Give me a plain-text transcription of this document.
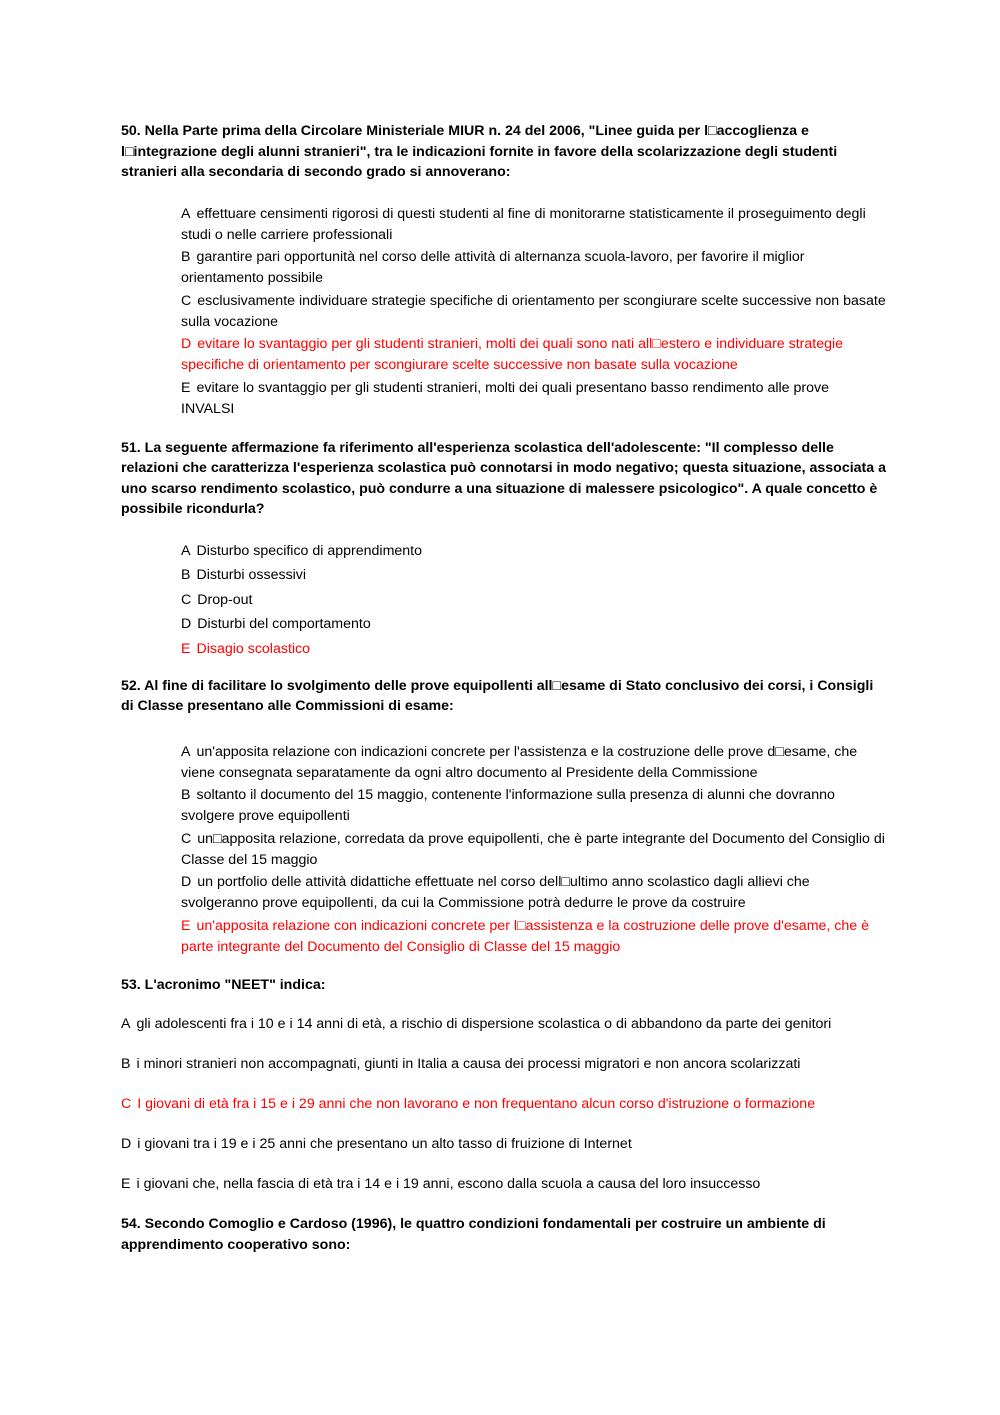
50. Nella Parte prima della Circolare Ministeriale MIUR n. 24 del 2006, "Linee guida per l□accoglienza e l□integrazione degli alunni stranieri", tra le indicazioni fornite in favore della scolarizzazione degli studenti stranieri alla secondaria di secondo grado si annoverano:

A effettuare censimenti rigorosi di questi studenti al fine di monitorarne statisticamente il proseguimento degli studi o nelle carriere professionali
B garantire pari opportunità nel corso delle attività di alternanza scuola-lavoro, per favorire il miglior orientamento possibile
C esclusivamente individuare strategie specifiche di orientamento per scongiurare scelte successive non basate sulla vocazione
D evitare lo svantaggio per gli studenti stranieri, molti dei quali sono nati all□estero e individuare strategie specifiche di orientamento per scongiurare scelte successive non basate sulla vocazione
E evitare lo svantaggio per gli studenti stranieri, molti dei quali presentano basso rendimento alle prove INVALSI

51. La seguente affermazione fa riferimento all'esperienza scolastica dell'adolescente: "Il complesso delle relazioni che caratterizza l'esperienza scolastica può connotarsi in modo negativo; questa situazione, associata a uno scarso rendimento scolastico, può condurre a una situazione di malessere psicologico". A quale concetto è possibile ricondurla?

A Disturbo specifico di apprendimento
B Disturbi ossessivi
C Drop-out
D Disturbi del comportamento
E Disagio scolastico

52. Al fine di facilitare lo svolgimento delle prove equipollenti all□esame di Stato conclusivo dei corsi, i Consigli di Classe presentano alle Commissioni di esame:

A un'apposita relazione con indicazioni concrete per l'assistenza e la costruzione delle prove d□esame, che viene consegnata separatamente da ogni altro documento al Presidente della Commissione
B soltanto il documento del 15 maggio, contenente l'informazione sulla presenza di alunni che dovranno svolgere prove equipollenti
C un□apposita relazione, corredata da prove equipollenti, che è parte integrante del Documento del Consiglio di Classe del 15 maggio
D un portfolio delle attività didattiche effettuate nel corso dell□ultimo anno scolastico dagli allievi che svolgeranno prove equipollenti, da cui la Commissione potrà dedurre le prove da costruire
E un'apposita relazione con indicazioni concrete per l□assistenza e la costruzione delle prove d'esame, che è parte integrante del Documento del Consiglio di Classe del 15 maggio

53. L'acronimo "NEET" indica:

A gli adolescenti fra i 10 e i 14 anni di età, a rischio di dispersione scolastica o di abbandono da parte dei genitori
B i minori stranieri non accompagnati, giunti in Italia a causa dei processi migratori e non ancora scolarizzati
C I giovani di età fra i 15 e i 29 anni che non lavorano e non frequentano alcun corso d'istruzione o formazione
D i giovani tra i 19 e i 25 anni che presentano un alto tasso di fruizione di Internet
E i giovani che, nella fascia di età tra i 14 e i 19 anni, escono dalla scuola a causa del loro insuccesso

54. Secondo Comoglio e Cardoso (1996), le quattro condizioni fondamentali per costruire un ambiente di apprendimento cooperativo sono:
